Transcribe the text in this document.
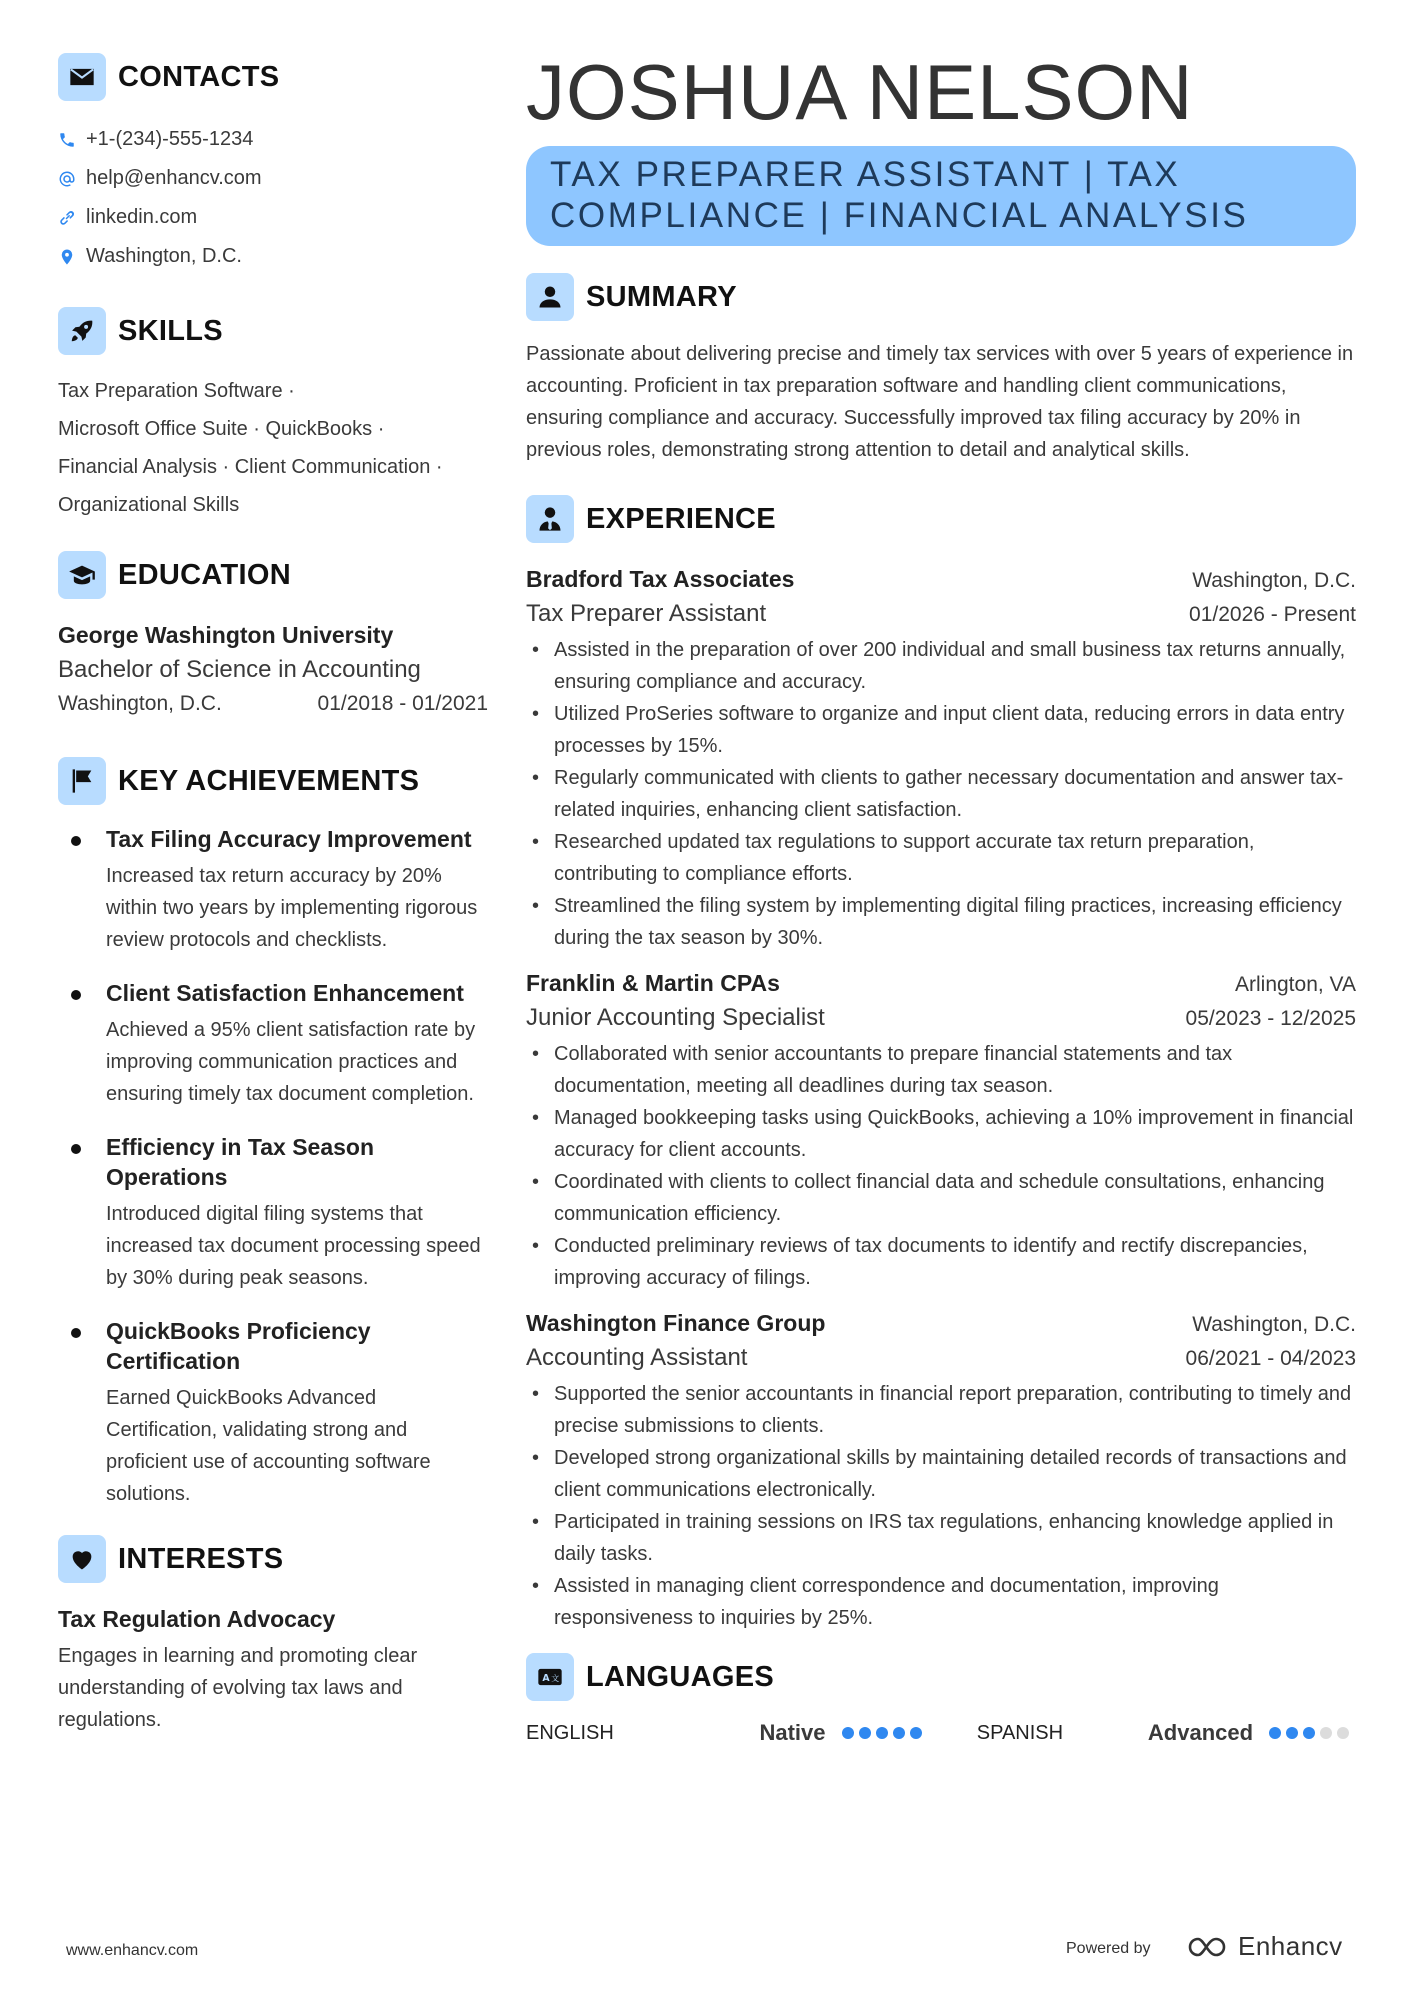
CONTACTS
+1-(234)-555-1234
help@enhancv.com
linkedin.com
Washington, D.C.
SKILLS
Tax Preparation Software ·
Microsoft Office Suite · QuickBooks ·
Financial Analysis · Client Communication ·
Organizational Skills
EDUCATION
George Washington University
Bachelor of Science in Accounting
Washington, D.C.	01/2018 - 01/2021
KEY ACHIEVEMENTS
Tax Filing Accuracy Improvement
Increased tax return accuracy by 20% within two years by implementing rigorous review protocols and checklists.
Client Satisfaction Enhancement
Achieved a 95% client satisfaction rate by improving communication practices and ensuring timely tax document completion.
Efficiency in Tax Season Operations
Introduced digital filing systems that increased tax document processing speed by 30% during peak seasons.
QuickBooks Proficiency Certification
Earned QuickBooks Advanced Certification, validating strong and proficient use of accounting software solutions.
INTERESTS
Tax Regulation Advocacy
Engages in learning and promoting clear understanding of evolving tax laws and regulations.
JOSHUA NELSON
TAX PREPARER ASSISTANT | TAX COMPLIANCE | FINANCIAL ANALYSIS
SUMMARY
Passionate about delivering precise and timely tax services with over 5 years of experience in accounting. Proficient in tax preparation software and handling client communications, ensuring compliance and accuracy. Successfully improved tax filing accuracy by 20% in previous roles, demonstrating strong attention to detail and analytical skills.
EXPERIENCE
Bradford Tax Associates	Washington, D.C.
Tax Preparer Assistant	01/2026 - Present
• Assisted in the preparation of over 200 individual and small business tax returns annually, ensuring compliance and accuracy.
• Utilized ProSeries software to organize and input client data, reducing errors in data entry processes by 15%.
• Regularly communicated with clients to gather necessary documentation and answer tax-related inquiries, enhancing client satisfaction.
• Researched updated tax regulations to support accurate tax return preparation, contributing to compliance efforts.
• Streamlined the filing system by implementing digital filing practices, increasing efficiency during the tax season by 30%.
Franklin & Martin CPAs	Arlington, VA
Junior Accounting Specialist	05/2023 - 12/2025
• Collaborated with senior accountants to prepare financial statements and tax documentation, meeting all deadlines during tax season.
• Managed bookkeeping tasks using QuickBooks, achieving a 10% improvement in financial accuracy for client accounts.
• Coordinated with clients to collect financial data and schedule consultations, enhancing communication efficiency.
• Conducted preliminary reviews of tax documents to identify and rectify discrepancies, improving accuracy of filings.
Washington Finance Group	Washington, D.C.
Accounting Assistant	06/2021 - 04/2023
• Supported the senior accountants in financial report preparation, contributing to timely and precise submissions to clients.
• Developed strong organizational skills by maintaining detailed records of transactions and client communications electronically.
• Participated in training sessions on IRS tax regulations, enhancing knowledge applied in daily tasks.
• Assisted in managing client correspondence and documentation, improving responsiveness to inquiries by 25%.
A 文 LANGUAGES
ENGLISH	Native	SPANISH	Advanced
www.enhancv.com	Powered by	Enhancv
